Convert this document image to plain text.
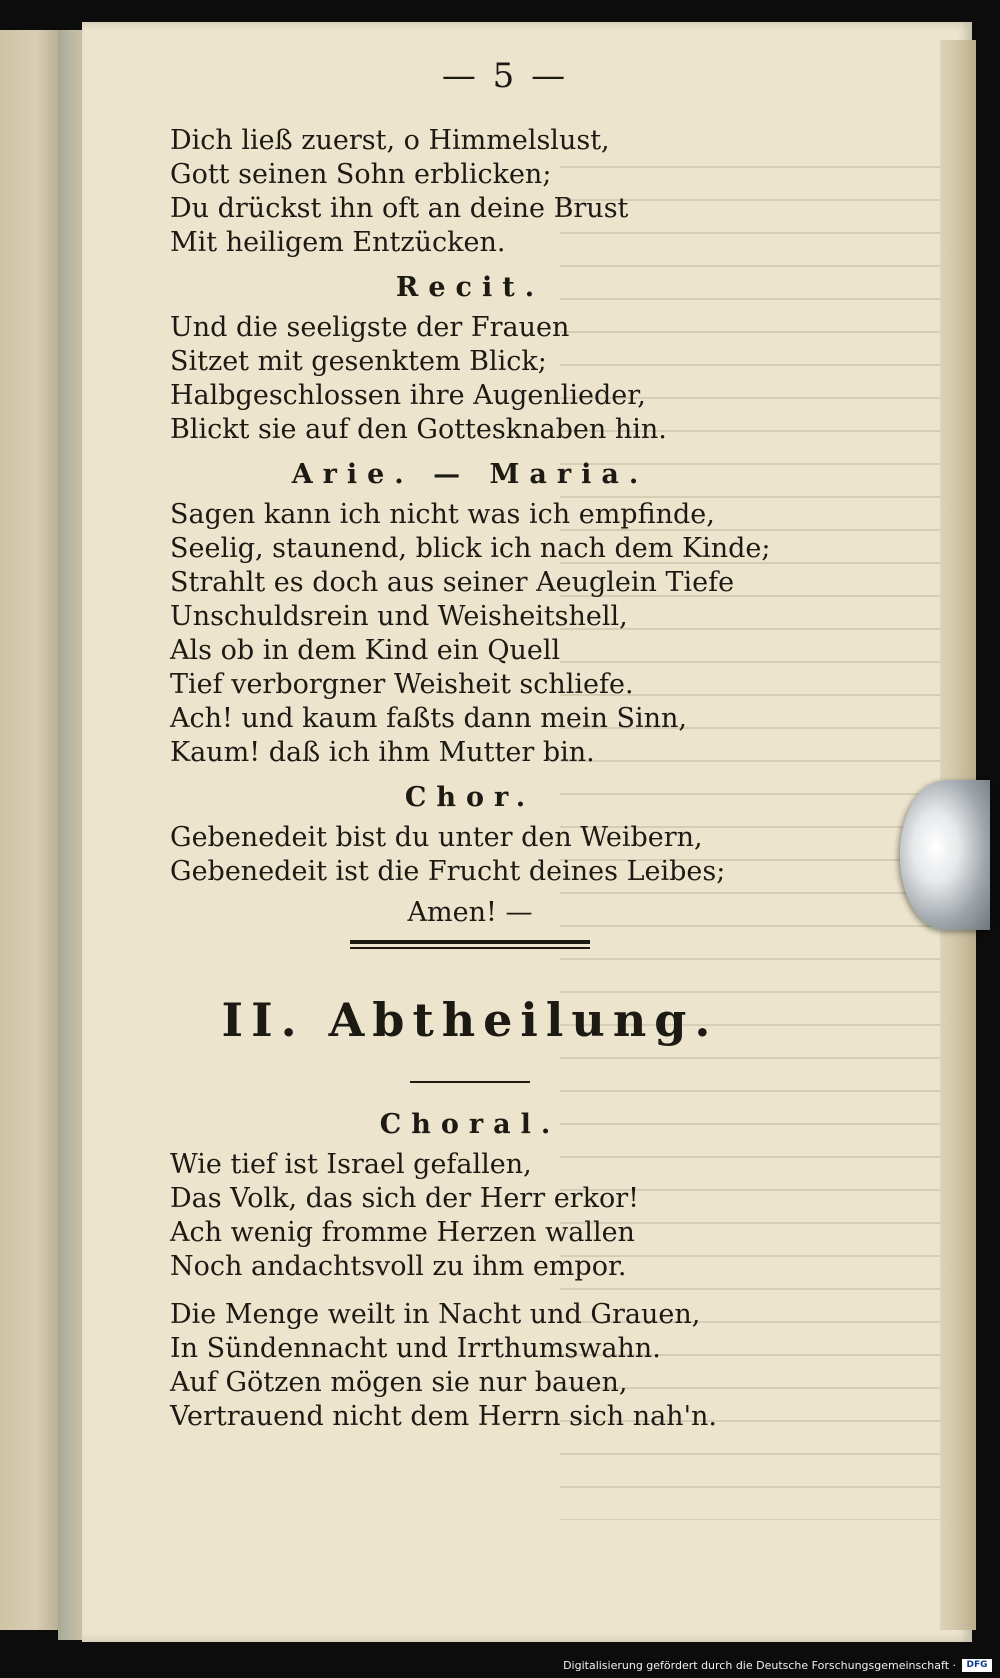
— 5 —
Dich ließ zuerst, o Himmelslust,
Gott seinen Sohn erblicken;
Du drückst ihn oft an deine Brust
Mit heiligem Entzücken.
Recit.
Und die seeligste der Frauen
Sitzet mit gesenktem Blick;
Halbgeschlossen ihre Augenlieder,
Blickt sie auf den Gottesknaben hin.
Arie. — Maria.
Sagen kann ich nicht was ich empfinde,
Seelig, staunend, blick ich nach dem Kinde;
Strahlt es doch aus seiner Aeuglein Tiefe
Unschuldsrein und Weisheitshell,
Als ob in dem Kind ein Quell
Tief verborgner Weisheit schliefe.
Ach! und kaum faßts dann mein Sinn,
Kaum! daß ich ihm Mutter bin.
Chor.
Gebenedeit bist du unter den Weibern,
Gebenedeit ist die Frucht deines Leibes;
Amen! —
II. Abtheilung.
Choral.
Wie tief ist Israel gefallen,
Das Volk, das sich der Herr erkor!
Ach wenig fromme Herzen wallen
Noch andachtsvoll zu ihm empor.
Die Menge weilt in Nacht und Grauen,
In Sündennacht und Irrthumswahn.
Auf Götzen mögen sie nur bauen,
Vertrauend nicht dem Herrn sich nah'n.
Digitalisierung gefördert durch die Deutsche Forschungsgemeinschaft ·	DFG
